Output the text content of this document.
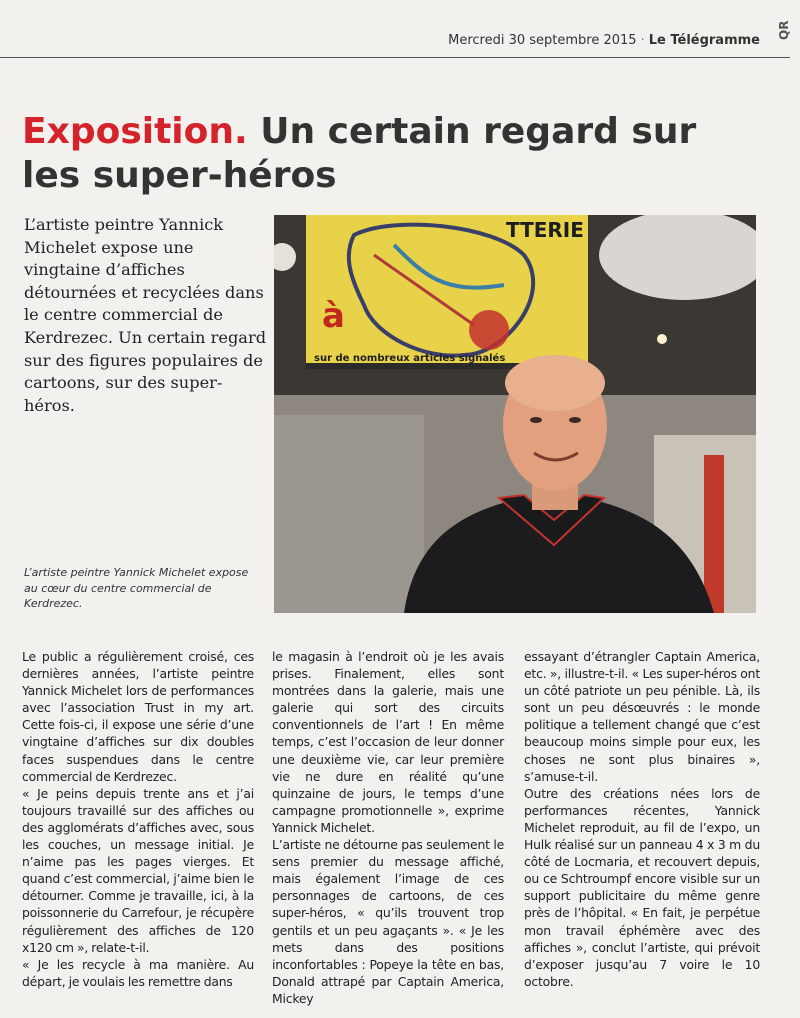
Mercredi 30 septembre 2015 · Le Télégramme
QR
Exposition. Un certain regard sur les super-héros
L’artiste peintre Yannick Michelet expose une vingtaine d’affiches détournées et recyclées dans le centre commercial de Kerdrezec. Un certain regard sur des figures populaires de cartoons, sur des super-héros.
TTERIE
à
sur de nombreux articles signalés
L’artiste peintre Yannick Michelet expose au cœur du centre commercial de Kerdrezec.

Le public a régulièrement croisé, ces dernières années, l’artiste peintre Yannick Michelet lors de performances avec l’association Trust in my art. Cette fois-ci, il expose une série d’une vingtaine d’affiches sur dix doubles faces suspendues dans le centre commercial de Kerdrezec.

« Je peins depuis trente ans et j’ai toujours travaillé sur des affiches ou des agglomérats d’affiches avec, sous les couches, un message initial. Je n’aime pas les pages vierges. Et quand c’est commercial, j’aime bien le détourner. Comme je travaille, ici, à la poissonnerie du Carrefour, je récupère régulièrement des affiches de 120 x120 cm », relate-t-il.

« Je les recycle à ma manière. Au départ, je voulais les remettre dans

le magasin à l’endroit où je les avais prises. Finalement, elles sont montrées dans la galerie, mais une galerie qui sort des circuits conventionnels de l’art ! En même temps, c’est l’occasion de leur donner une deuxième vie, car leur première vie ne dure en réalité qu’une quinzaine de jours, le temps d’une campagne promotionnelle », exprime Yannick Michelet.

L’artiste ne détourne pas seulement le sens premier du message affiché, mais également l’image de ces personnages de cartoons, de ces super-héros, « qu’ils trouvent trop gentils et un peu agaçants ». « Je les mets dans des positions inconfortables : Popeye la tête en bas, Donald attrapé par Captain America, Mickey

essayant d’étrangler Captain America, etc. », illustre-t-il. « Les super-héros ont un côté patriote un peu pénible. Là, ils sont un peu désœuvrés : le monde politique a tellement changé que c’est beaucoup moins simple pour eux, les choses ne sont plus binaires », s’amuse-t-il.

Outre des créations nées lors de performances récentes, Yannick Michelet reproduit, au fil de l’expo, un Hulk réalisé sur un panneau 4 x 3 m du côté de Locmaria, et recouvert depuis, ou ce Schtroumpf encore visible sur un support publicitaire du même genre près de l’hôpital. « En fait, je perpétue mon travail éphémère avec des affiches », conclut l’artiste, qui prévoit d’exposer jusqu’au 7 voire le 10 octobre.
